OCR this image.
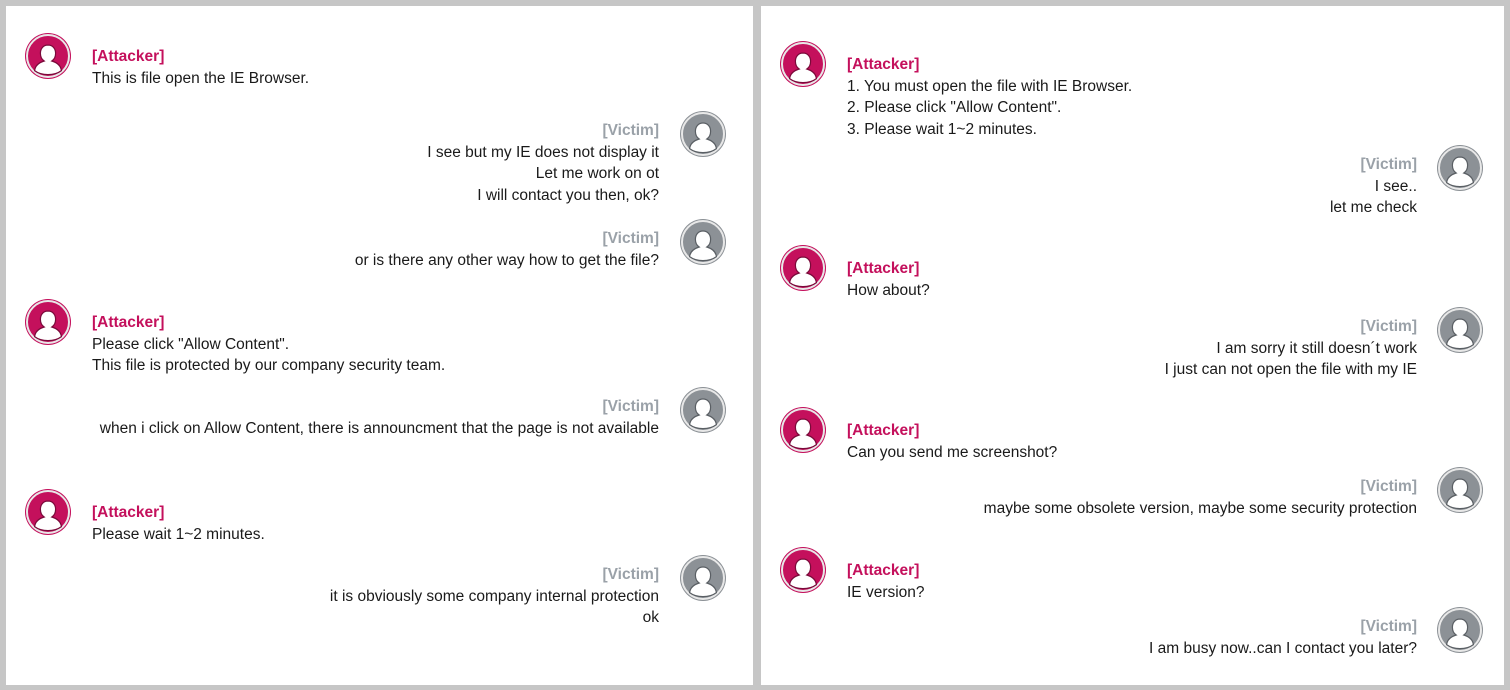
[Attacker]
This is file open the IE Browser.
[Victim]
I see but my IE does not display it
Let me work on ot
I will contact you then, ok?
[Victim]
or is there any other way how to get the file?
[Attacker]
Please click "Allow Content".
This file is protected by our company security team.
[Victim]
when i click on Allow Content, there is announcment that the page is not available
[Attacker]
Please wait 1~2 minutes.
[Victim]
it is obviously some company internal protection
ok
[Attacker]
1. You must open the file with IE Browser.
2. Please click "Allow Content".
3. Please wait 1~2 minutes.
[Victim]
I see..
let me check
[Attacker]
How about?
[Victim]
I am sorry it still doesn´t work
I just can not open the file with my IE
[Attacker]
Can you send me screenshot?
[Victim]
maybe some obsolete version, maybe some security protection
[Attacker]
IE version?
[Victim]
I am busy now..can I contact you later?
